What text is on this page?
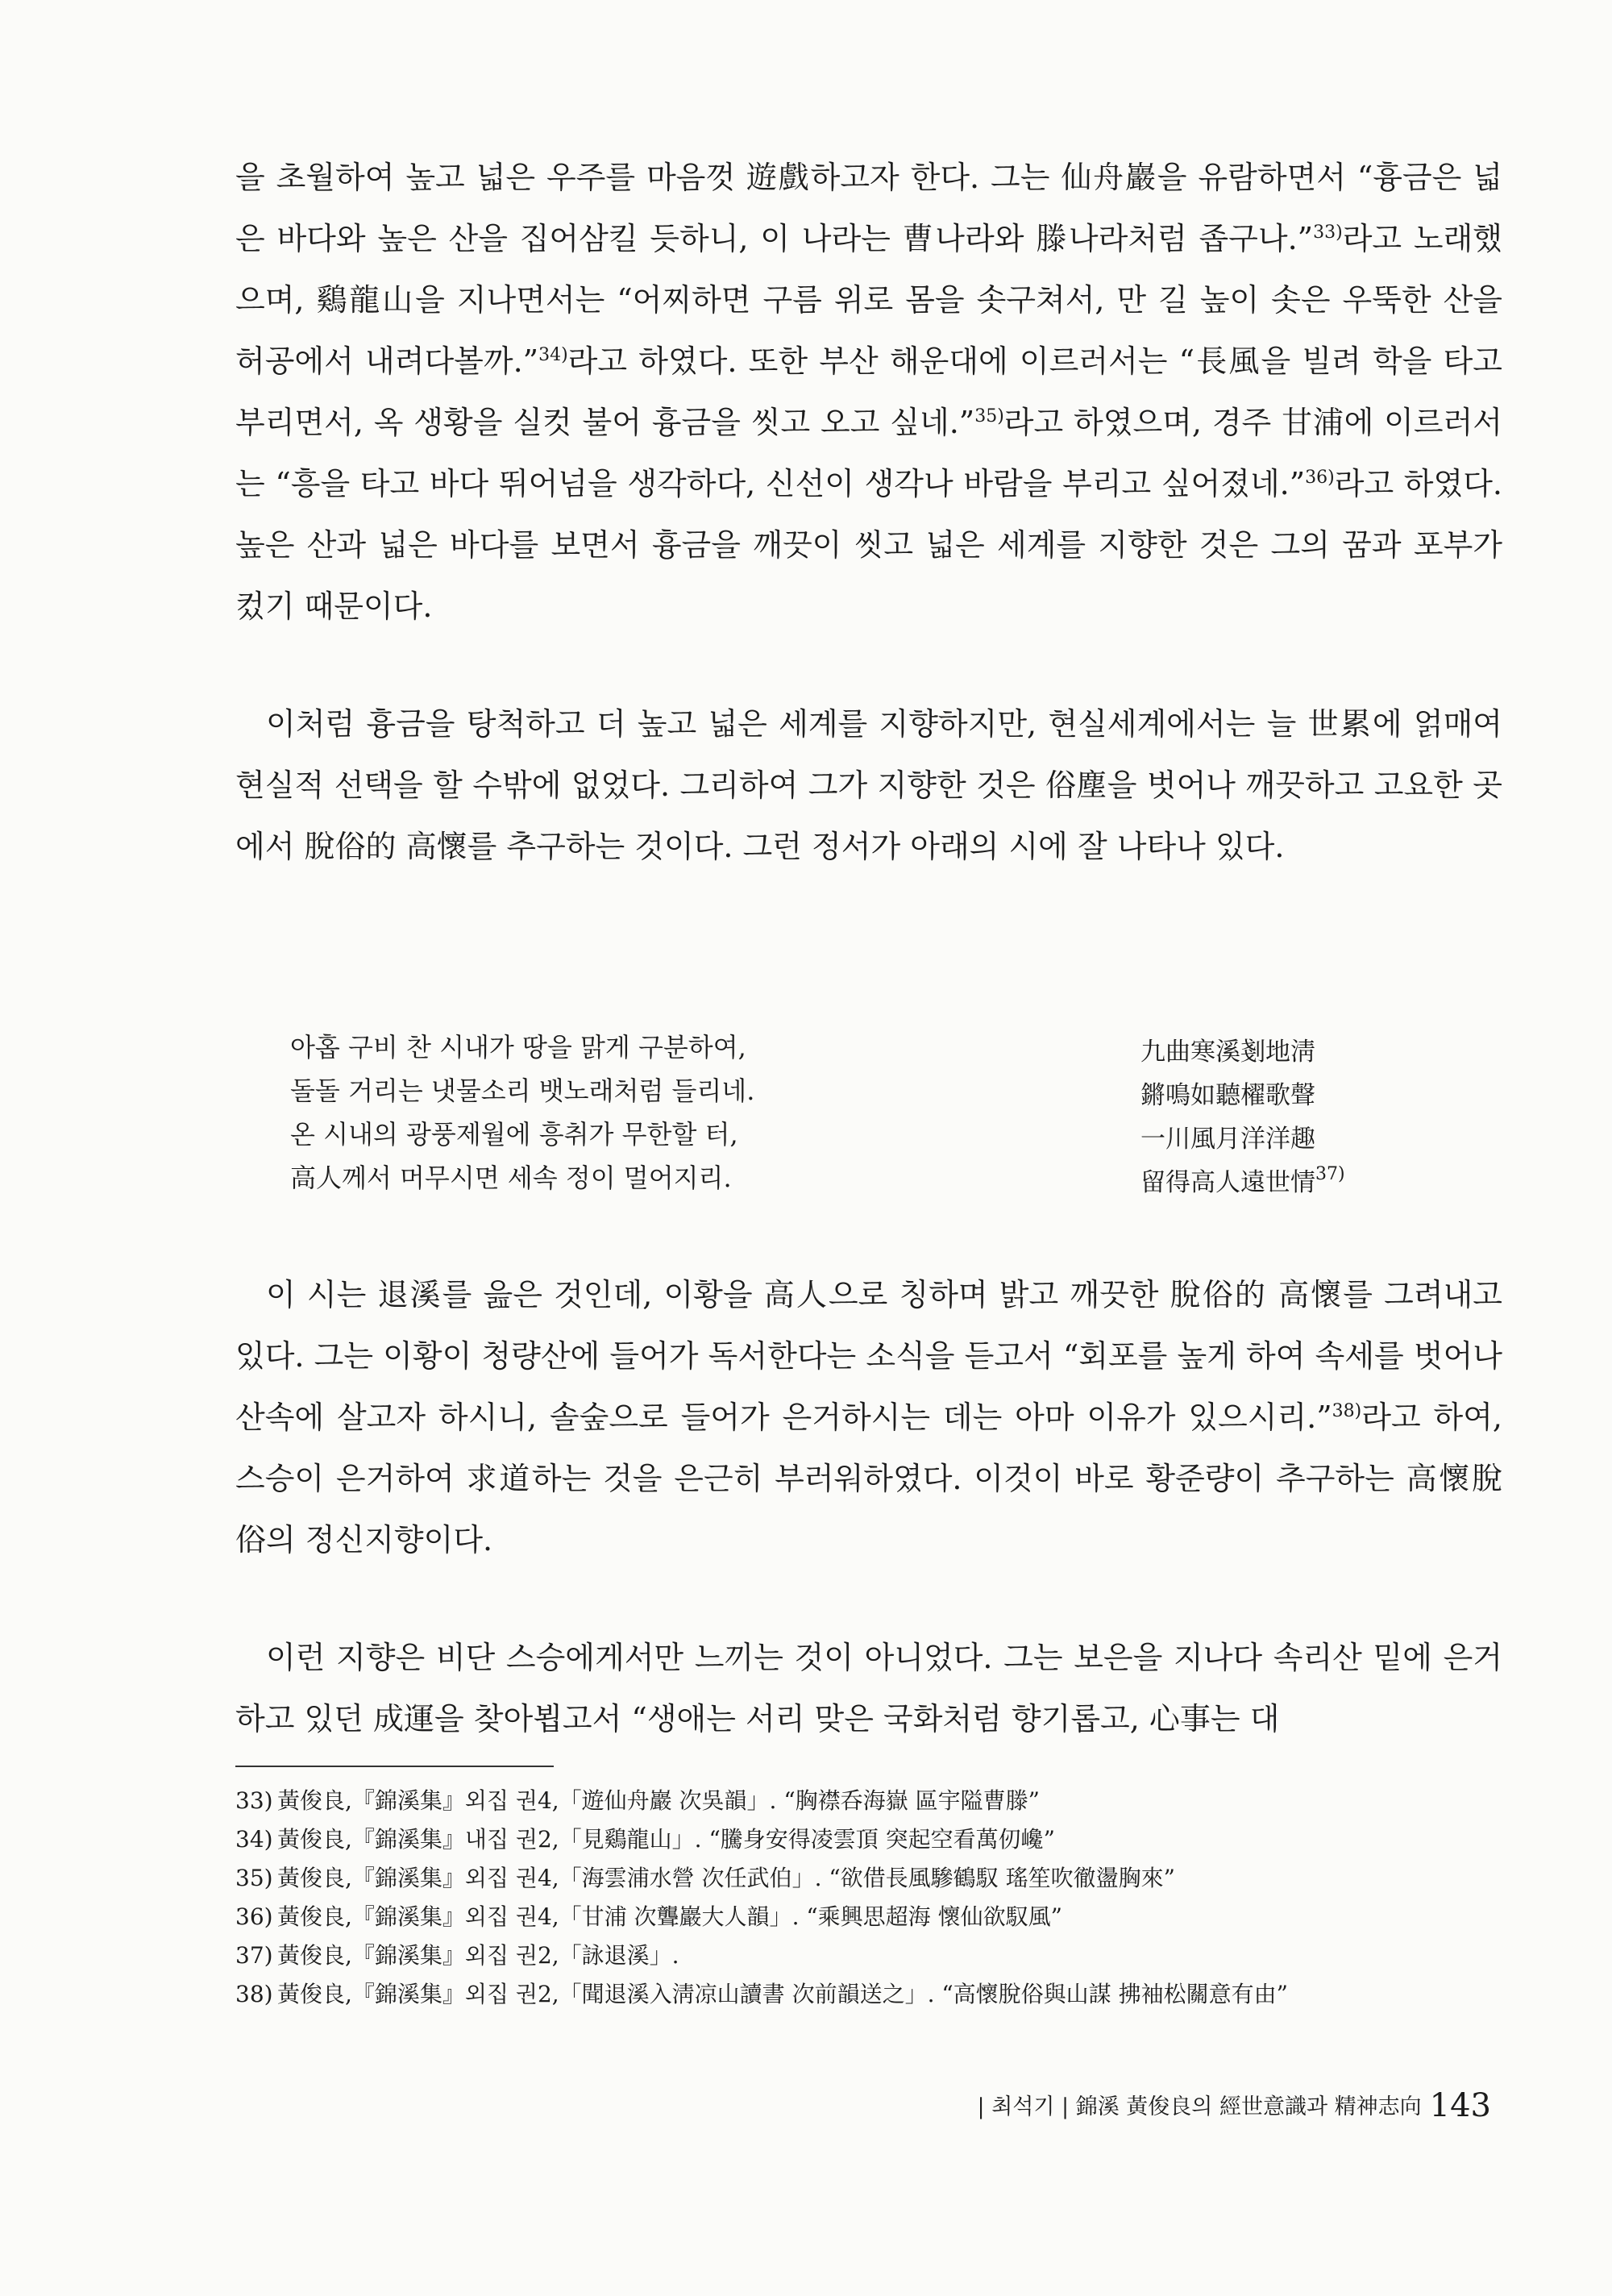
을 초월하여 높고 넓은 우주를 마음껏 遊戲하고자 한다. 그는 仙舟巖을 유람하면서 “흉금은 넓은 바다와 높은 산을 집어삼킬 듯하니, 이 나라는 曹나라와 滕나라처럼 좁구나.”$^{33)}$라고 노래했으며, 鷄龍山을 지나면서는 “어찌하면 구름 위로 몸을 솟구쳐서, 만 길 높이 솟은 우뚝한 산을 허공에서 내려다볼까.”$^{34)}$라고 하였다. 또한 부산 해운대에 이르러서는 “長風을 빌려 학을 타고 부리면서, 옥 생황을 실컷 불어 흉금을 씻고 오고 싶네.”$^{35)}$라고 하였으며, 경주 甘浦에 이르러서는 “흥을 타고 바다 뛰어넘을 생각하다, 신선이 생각나 바람을 부리고 싶어졌네.”$^{36)}$라고 하였다. 높은 산과 넓은 바다를 보면서 흉금을 깨끗이 씻고 넓은 세계를 지향한 것은 그의 꿈과 포부가 컸기 때문이다.

이처럼 흉금을 탕척하고 더 높고 넓은 세계를 지향하지만, 현실세계에서는 늘 世累에 얽매여 현실적 선택을 할 수밖에 없었다. 그리하여 그가 지향한 것은 俗塵을 벗어나 깨끗하고 고요한 곳에서 脫俗的 高懷를 추구하는 것이다. 그런 정서가 아래의 시에 잘 나타나 있다.

아홉 구비 찬 시내가 땅을 맑게 구분하여,
돌돌 거리는 냇물소리 뱃노래처럼 들리네.
온 시내의 광풍제월에 흥취가 무한할 터,
高人께서 머무시면 세속 정이 멀어지리.
九曲寒溪剗地淸
鏘鳴如聽櫂歌聲
一川風月洋洋趣
留得高人遠世情$^{37)}$

이 시는 退溪를 읊은 것인데, 이황을 高人으로 칭하며 밝고 깨끗한 脫俗的 高懷를 그려내고 있다. 그는 이황이 청량산에 들어가 독서한다는 소식을 듣고서 “회포를 높게 하여 속세를 벗어나 산속에 살고자 하시니, 솔숲으로 들어가 은거하시는 데는 아마 이유가 있으시리.”$^{38)}$라고 하여, 스승이 은거하여 求道하는 것을 은근히 부러워하였다. 이것이 바로 황준량이 추구하는 高懷脫俗의 정신지향이다.

이런 지향은 비단 스승에게서만 느끼는 것이 아니었다. 그는 보은을 지나다 속리산 밑에 은거하고 있던 成運을 찾아뵙고서 “생애는 서리 맞은 국화처럼 향기롭고, 心事는 대

33) 黃俊良,『錦溪集』외집 권4,「遊仙舟巖 次吳韻」. “胸襟呑海嶽 區宇隘曹滕”
34) 黃俊良,『錦溪集』내집 권2,「見鷄龍山」. “騰身安得凌雲頂 突起空看萬仞巉”
35) 黃俊良,『錦溪集』외집 권4,「海雲浦水營 次任武伯」. “欲借長風驂鶴馭 瑤笙吹徹盪胸來”
36) 黃俊良,『錦溪集』외집 권4,「甘浦 次聾巖大人韻」. “乘興思超海 懷仙欲馭風”
37) 黃俊良,『錦溪集』외집 권2,「詠退溪」.
38) 黃俊良,『錦溪集』외집 권2,「聞退溪入淸凉山讀書 次前韻送之」. “高懷脫俗與山謀 拂袖松關意有由”
| 최석기 | 錦溪 黃俊良의 經世意識과 精神志向 143
